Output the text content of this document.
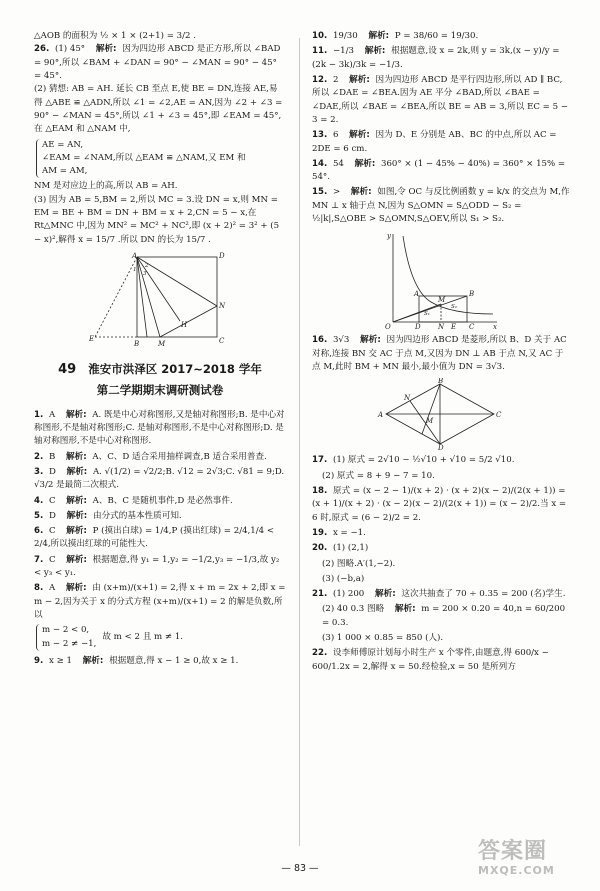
△AOB 的面积为 ½ × 1 × (2+1) = 3/2 .

26. (1) 45° 解析: 因为四边形 ABCD 是正方形,所以 ∠BAD = 90°,所以 ∠BAM + ∠DAN = 90° − ∠MAN = 90° − 45° = 45°.

(2) 猜想: AB = AH. 延长 CB 至点 E,使 BE = DN,连接 AE,易得 △ABE ≌ △ADN,所以 ∠1 = ∠2,AE = AN,因为 ∠2 + ∠3 = 90° − ∠MAN = 45°,所以 ∠1 + ∠3 = 45°,即 ∠EAM = 45°,在 △EAM 和 △NAM 中,

AE = AN,
∠EAM = ∠NAM,所以 △EAM ≌ △NAM,又 EM 和
AM = AM,

NM 是对应边上的高,所以 AB = AH.

(3) 因为 AB = 5,BM = 2,所以 MC = 3.设 DN = x,则 MN = EM = BE + BM = DN + BM = x + 2,CN = 5 − x,在 Rt△MNC 中,因为 MN² = MC² + NC²,即 (x + 2)² = 3² + (5 − x)²,解得 x = 15/7 .所以 DN 的长为 15/7 .

A	D
N
H
E
B	M	C
1
2
3
49 淮安市洪泽区 2017~2018 学年
第二学期期末调研测试卷
1. A 解析: A. 既是中心对称图形,又是轴对称图形;B. 是中心对称图形,不是轴对称图形;C. 是轴对称图形,不是中心对称图形;D. 是轴对称图形,不是中心对称图形.
2. B 解析: A、C、D 适合采用抽样调查,B 适合采用普查.
3. D 解析: A. √(1/2) = √2/2;B. √12 = 2√3;C. √81 = 9;D. √3/2 是最简二次根式.
4. C 解析: A、B、C 是随机事件,D 是必然事件.
5. D 解析: 由分式的基本性质可知.
6. C 解析: P (摸出白球) = 1/4,P (摸出红球) = 2/4,1/4 < 2/4,所以摸出红球的可能性大.
7. C 解析: 根据题意,得 y₁ = 1,y₂ = −1/2,y₃ = −1/3,故 y₂ < y₃ < y₁.
8. A 解析: 由 (x+m)/(x+1) = 2,得 x + m = 2x + 2,即 x = m − 2,因为关于 x 的分式方程 (x+m)/(x+1) = 2 的解是负数,所以
m − 2 < 0,
m − 2 ≠ −1,
故 m < 2 且 m ≠ 1.
9. x ≥ 1 解析: 根据题意,得 x − 1 ≥ 0,故 x ≥ 1.
10. 19/30 解析: P = 38/60 = 19/30.
11. −1/3 解析: 根据题意,设 x = 2k,则 y = 3k,(x − y)/y = (2k − 3k)/3k = −1/3.
12. 2 解析: 因为四边形 ABCD 是平行四边形,所以 AD ∥ BC,所以 ∠DAE = ∠BEA.因为 AE 平分 ∠BAD,所以 ∠BAE = ∠DAE,所以 ∠BAE = ∠BEA,所以 BE = AB = 3,所以 EC = 5 − 3 = 2.
13. 6 解析: 因为 D、E 分别是 AB、BC 的中点,所以 AC = 2DE = 6 cm.
14. 54 解析: 360° × (1 − 45% − 40%) = 360° × 15% = 54°.
15. > 解析: 如图,令 OC 与反比例函数 y = k/x 的交点为 M,作 MN ⊥ x 轴于点 N,因为 S△OMN = S△ODD − S₂ = ½|k|,S△OBE > S△OMN,S△OEV,所以 S₁ > S₂.
y
x
O
A	B
C
D
M
N E
S₁
S₂
16. 3√3 解析: 因为四边形 ABCD 是菱形,所以 B、D 关于 AC 对称,连接 BN 交 AC 于点 M,又因为 DN ⊥ AB 于点 N,又 AC 于点 M,此时 BM + MN 最小,最小值为 DN = 3√3.
A
B
C
D
M
N
17. (1) 原式 = 2√10 − ½√10 + √10 = 5/2 √10.
(2) 原式 = 8 + 9 − 7 = 10.
18. 原式 = (x − 2 − 1)/(x + 2) · (x + 2)(x − 2)/(2(x + 1)) = (x + 1)/(x + 2) · (x − 2)(x − 2)/(2(x + 1)) = (x − 2)/2.当 x = 6 时,原式 = (6 − 2)/2 = 2.
19. x = −1.
20. (1) (2,1)
(2) 图略.A′(1,−2).
(3) (−b,a)
21. (1) 200 解析: 这次共抽查了 70 ÷ 0.35 = 200 (名)学生.
(2) 40 0.3 图略 解析: m = 200 × 0.20 = 40,n = 60/200 = 0.3.
(3) 1 000 × 0.85 = 850 (人).
22. 设李师傅原计划每小时生产 x 个零件,由题意,得 600/x − 600/1.2x = 2,解得 x = 50.经检验,x = 50 是所列方
— 83 —
答案圈
MXQE.COM
